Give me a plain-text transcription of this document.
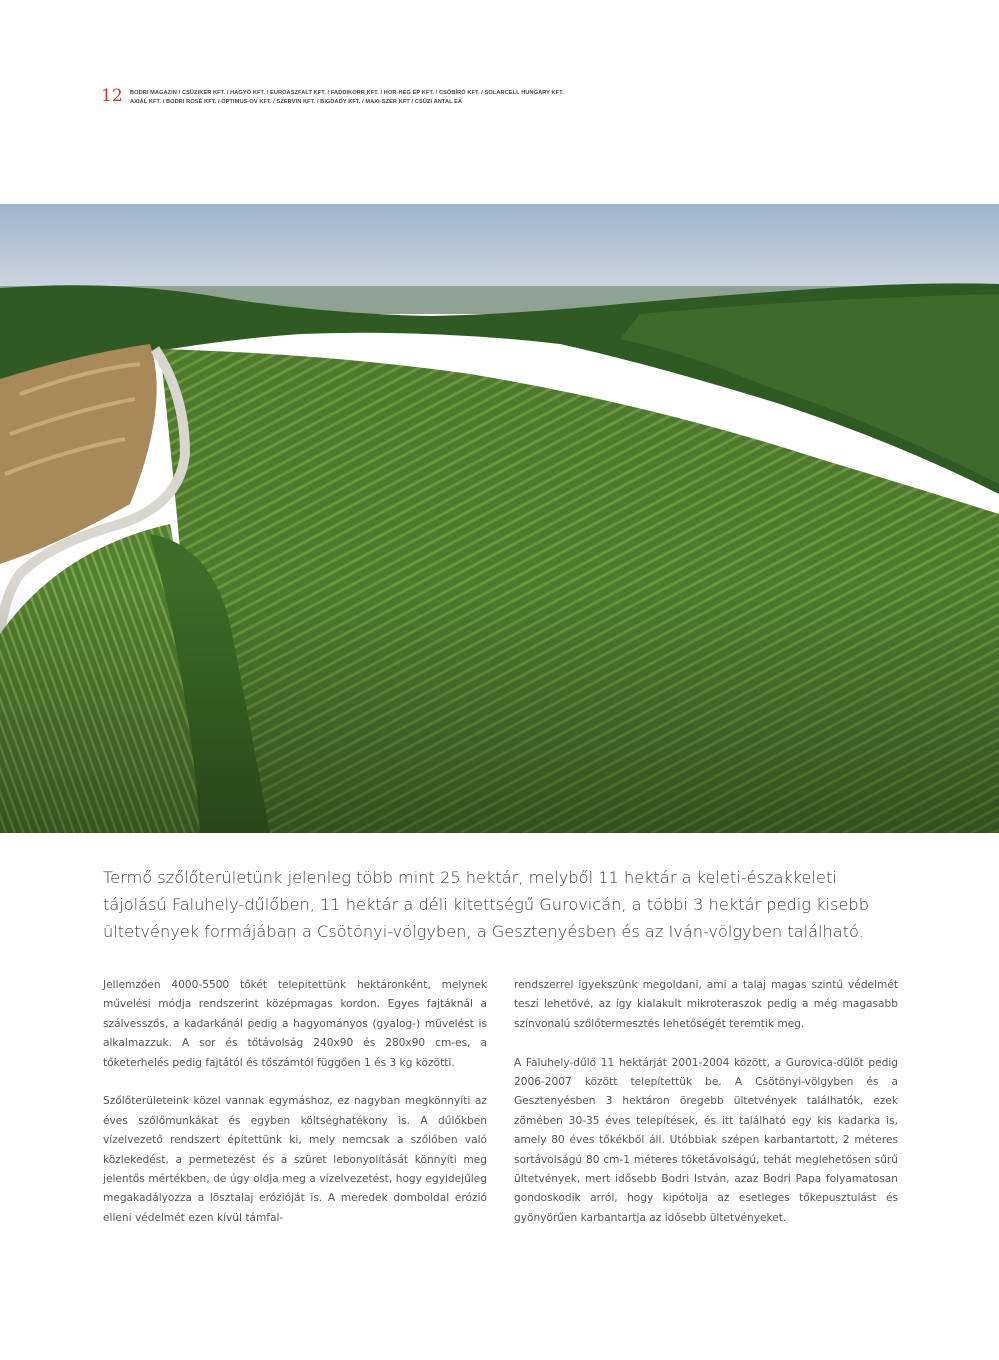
12 BODRI MAGAZIN / CSÜZIKER KFT. / HAGYÓ KFT. / EUROASZFALT KFT. / FADDIKORR KFT. / HOR-HEG ÉP KFT. / CSŐBÍRÓ KFT. / SOLARCELL HUNGARY KFT.
AXIÁL KFT. / BODRI ROSÉ KFT. / OPTIMUS-OV KFT. / SZERVIN KFT. / BIGDADY KFT. / MAXI-SZER KFT / CSŰZI ANTAL EA
Termő szőlőterületünk jelenleg több mint 25 hektár, melyből 11 hektár a keleti-északkeleti tájolású Faluhely-dűlőben, 11 hektár a déli kitettségű Gurovicán, a többi 3 hektár pedig kisebb ültetvények formájában a Csötönyi-völgyben, a Gesztenyésben és az Iván-völgyben található.

Jellemzően 4000-5500 tőkét telepítettünk hektáronként, melynek művelési módja rendszerint középmagas kordon. Egyes fajtáknál a szálvesszős, a kadarkánál pedig a hagyományos (gyalog-) művelést is alkalmazzuk. A sor és tőtávolság 240x90 és 280x90 cm-es, a tőketerhelés pedig fajtától és tőszámtól függően 1 és 3 kg közötti.

Szőlőterületeink közel vannak egymáshoz, ez nagyban megkönnyíti az éves szőlőmunkákat és egyben költséghatékony is. A dűlőkben vízelvezető rendszert építettünk ki, mely nemcsak a szőlőben való közlekedést, a permetezést és a szüret lebonyolítását könnyíti meg jelentős mértékben, de úgy oldja meg a vízelvezetést, hogy egyidejűleg megakadályozza a lösztalaj erózióját is. A meredek domboldal erózió elleni védelmét ezen kívül támfal-

rendszerrel igyekszünk megoldani, ami a talaj magas szintű védelmét teszi lehetővé, az így kialakult mikroteraszok pedig a még magasabb színvonalú szőlőtermesztés lehetőségét teremtik meg.

A Faluhely-dűlő 11 hektárját 2001-2004 között, a Gurovica-dűlőt pedig 2006-2007 között telepítettük be. A Csötönyi-völgyben és a Gesztenyésben 3 hektáron öregebb ültetvények találhatók, ezek zömében 30-35 éves telepítések, és itt található egy kis kadarka is, amely 80 éves tőkékből áll. Utóbbiak szépen karbantartott, 2 méteres sortávolságú 80 cm-1 méteres tőketávolságú, tehát meglehetősen sűrű ültetvények, mert idősebb Bodri István, azaz Bodri Papa folyamatosan gondoskodik arról, hogy kipótolja az esetleges tőkepusztulást és gyönyörűen karbantartja az idősebb ültetvényeket.
